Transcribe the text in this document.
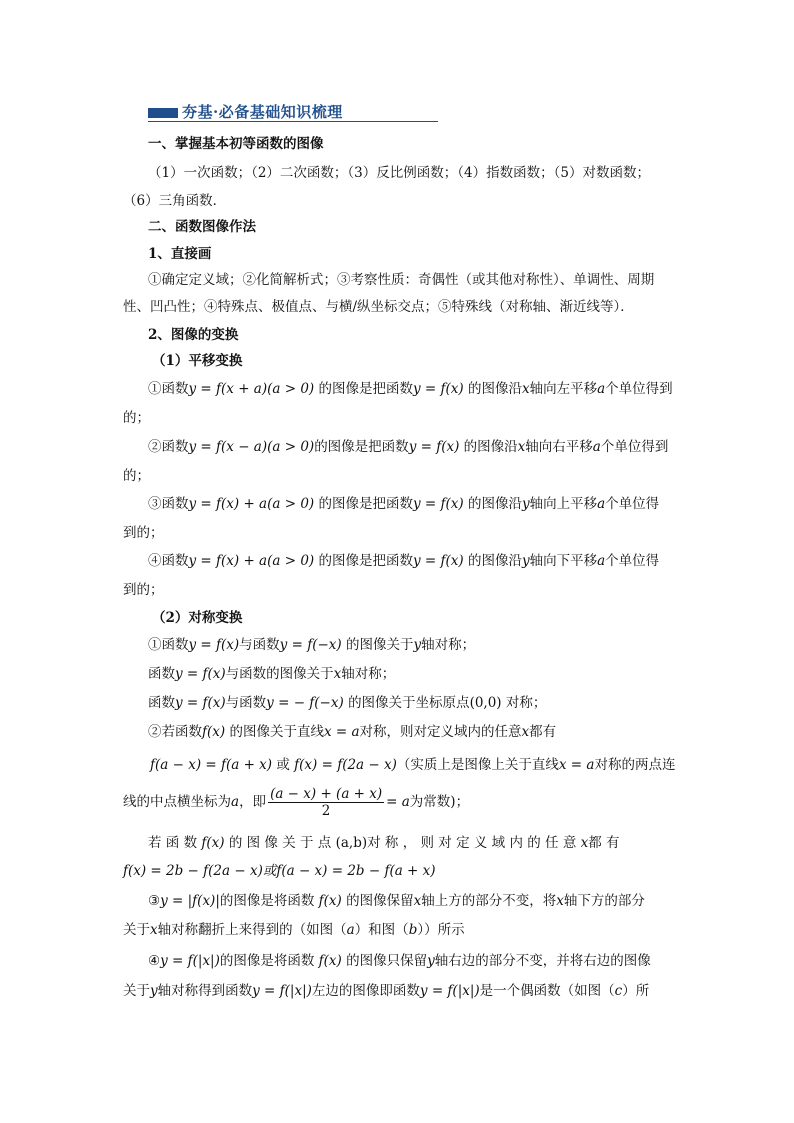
夯基·必备基础知识梳理
一、掌握基本初等函数的图像
（1）一次函数；（2）二次函数；（3）反比例函数；（4）指数函数；（5）对数函数；
（6）三角函数．
二、函数图像作法
1、直接画
①确定定义域；②化简解析式；③考察性质：奇偶性（或其他对称性）、单调性、周期
性、凹凸性；④特殊点、极值点、与横/纵坐标交点；⑤特殊线（对称轴、渐近线等）．
2、图像的变换
（1）平移变换
①函数y = f(x + a)(a > 0) 的图像是把函数y = f(x) 的图像沿x轴向左平移a个单位得到
的；
②函数y = f(x − a)(a > 0)的图像是把函数y = f(x) 的图像沿x轴向右平移a个单位得到
的；
③函数y = f(x) + a(a > 0) 的图像是把函数y = f(x) 的图像沿y轴向上平移a个单位得
到的；
④函数y = f(x) + a(a > 0) 的图像是把函数y = f(x) 的图像沿y轴向下平移a个单位得
到的；
（2）对称变换
①函数y = f(x)与函数y = f(−x) 的图像关于y轴对称；
函数y = f(x)与函数的图像关于x轴对称；
函数y = f(x)与函数y = − f(−x) 的图像关于坐标原点(0,0) 对称；
②若函数f(x) 的图像关于直线x = a对称，则对定义域内的任意x都有
f(a − x) = f(a + x) 或 f(x) = f(2a − x)（实质上是图像上关于直线x = a对称的两点连
线的中点横坐标为a，即 $\frac{(a - x) + (a + x)}{2} = a$为常数)；
若 函 数 f(x) 的 图 像 关 于 点 (a,b)对 称 ， 则 对 定 义 域 内 的 任 意 x都 有
f(x) = 2b − f(2a − x)或f(a − x) = 2b − f(a + x)
③y = |f(x)|的图像是将函数 f(x) 的图像保留x轴上方的部分不变，将x轴下方的部分
关于x轴对称翻折上来得到的（如图（a）和图（b））所示
④y = f(|x|)的图像是将函数 f(x) 的图像只保留y轴右边的部分不变，并将右边的图像
关于y轴对称得到函数y = f(|x|)左边的图像即函数y = f(|x|)是一个偶函数（如图（c）所
